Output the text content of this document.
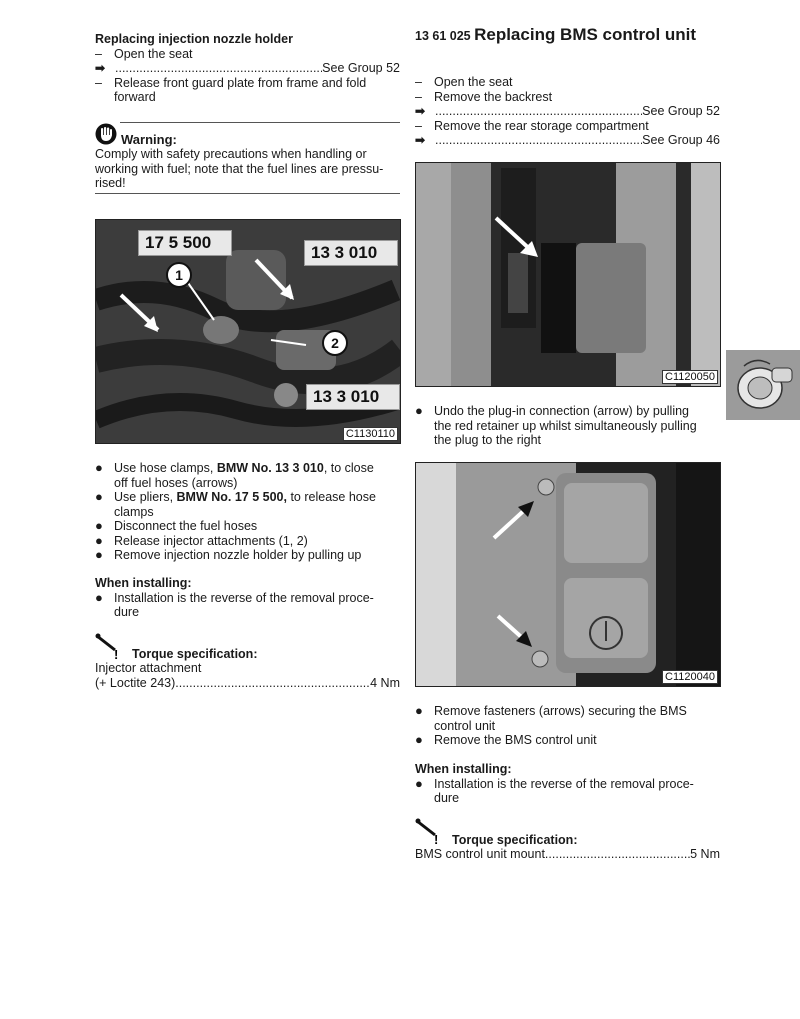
Replacing injection nozzle holder
– Open the seat
➡ .....	See Group 52
– Release front guard plate from frame and fold
forward
Warning:
Comply with safety precautions when handling or
working with fuel; note that the fuel lines are pressu-
rised!
17 5 500
13 3 010
13 3 010
1
2
C1130110
● Use hose clamps, BMW No. 13 3 010, to close
off fuel hoses (arrows)
● Use pliers, BMW No. 17 5 500, to release hose
clamps
● Disconnect the fuel hoses
● Release injector attachments (1, 2)
● Remove injection nozzle holder by pulling up
When installing:
● Installation is the reverse of the removal proce-
dure
! Torque specification:
Injector attachment
(+ Loctite 243) .....	4 Nm
13 61 025 Replacing BMS control unit
– Open the seat
– Remove the backrest
➡ .....	See Group 52
– Remove the rear storage compartment
➡ .....	See Group 46
C1120050
● Undo the plug-in connection (arrow) by pulling
the red retainer up whilst simultaneously pulling
the plug to the right
C1120040
● Remove fasteners (arrows) securing the BMS
control unit
● Remove the BMS control unit
When installing:
● Installation is the reverse of the removal proce-
dure
! Torque specification:
BMS control unit mount .....	5 Nm
